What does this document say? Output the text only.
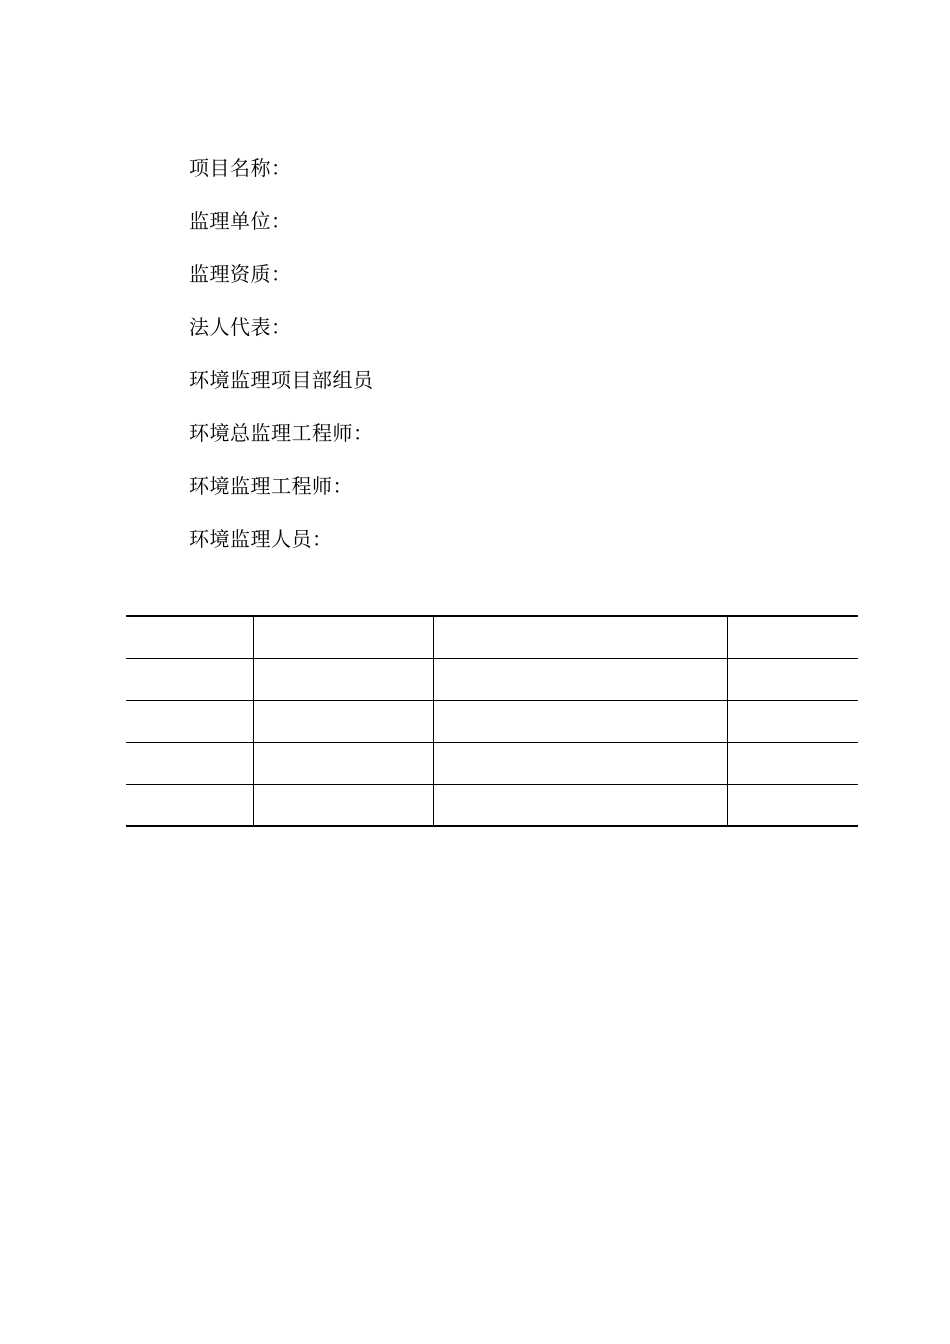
项目名称：
监理单位：
监理资质：
法人代表：
环境监理项目部组员
环境总监理工程师：
环境监理工程师：
环境监理人员：
